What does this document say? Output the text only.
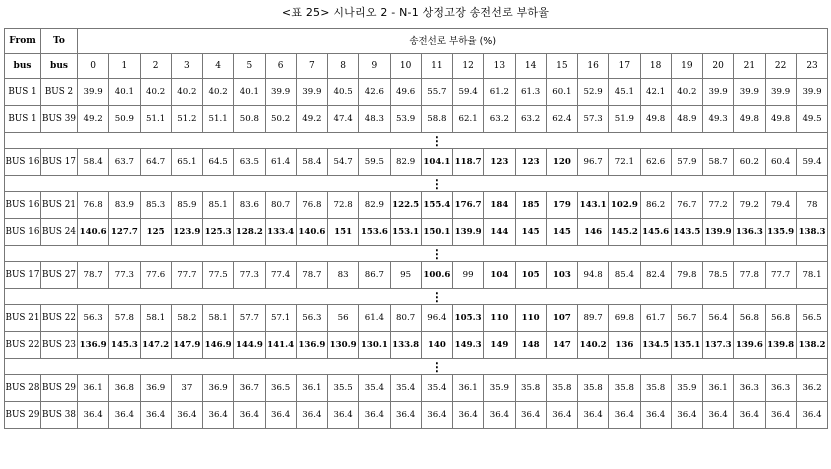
<표 25> 시나리오 2 - N-1 상정고장 송전선로 부하율
From	To	송전선로 부하율 (%)																							
bus	bus	0	1	2	3	4	5	6	7	8	9	10	11	12	13	14	15	16	17	18	19	20	21	22	23
BUS 1	BUS 2	39.9	40.1	40.2	40.2	40.2	40.1	39.9	39.9	40.5	42.6	49.6	55.7	59.4	61.2	61.3	60.1	52.9	45.1	42.1	40.2	39.9	39.9	39.9	39.9
BUS 1	BUS 39	49.2	50.9	51.1	51.2	51.1	50.8	50.2	49.2	47.4	48.3	53.9	58.8	62.1	63.2	63.2	62.4	57.3	51.9	49.8	48.9	49.3	49.8	49.8	49.5
													⋮												
BUS 16	BUS 17	58.4	63.7	64.7	65.1	64.5	63.5	61.4	58.4	54.7	59.5	82.9	104.1	118.7	123	123	120	96.7	72.1	62.6	57.9	58.7	60.2	60.4	59.4
													⋮												
BUS 16	BUS 21	76.8	83.9	85.3	85.9	85.1	83.6	80.7	76.8	72.8	82.9	122.5	155.4	176.7	184	185	179	143.1	102.9	86.2	76.7	77.2	79.2	79.4	78
BUS 16	BUS 24	140.6	127.7	125	123.9	125.3	128.2	133.4	140.6	151	153.6	153.1	150.1	139.9	144	145	145	146	145.2	145.6	143.5	139.9	136.3	135.9	138.3
													⋮												
BUS 17	BUS 27	78.7	77.3	77.6	77.7	77.5	77.3	77.4	78.7	83	86.7	95	100.6	99	104	105	103	94.8	85.4	82.4	79.8	78.5	77.8	77.7	78.1
													⋮												
BUS 21	BUS 22	56.3	57.8	58.1	58.2	58.1	57.7	57.1	56.3	56	61.4	80.7	96.4	105.3	110	110	107	89.7	69.8	61.7	56.7	56.4	56.8	56.8	56.5
BUS 22	BUS 23	136.9	145.3	147.2	147.9	146.9	144.9	141.4	136.9	130.9	130.1	133.8	140	149.3	149	148	147	140.2	136	134.5	135.1	137.3	139.6	139.8	138.2
													⋮												
BUS 28	BUS 29	36.1	36.8	36.9	37	36.9	36.7	36.5	36.1	35.5	35.4	35.4	35.4	36.1	35.9	35.8	35.8	35.8	35.8	35.8	35.9	36.1	36.3	36.3	36.2
BUS 29	BUS 38	36.4	36.4	36.4	36.4	36.4	36.4	36.4	36.4	36.4	36.4	36.4	36.4	36.4	36.4	36.4	36.4	36.4	36.4	36.4	36.4	36.4	36.4	36.4	36.4
